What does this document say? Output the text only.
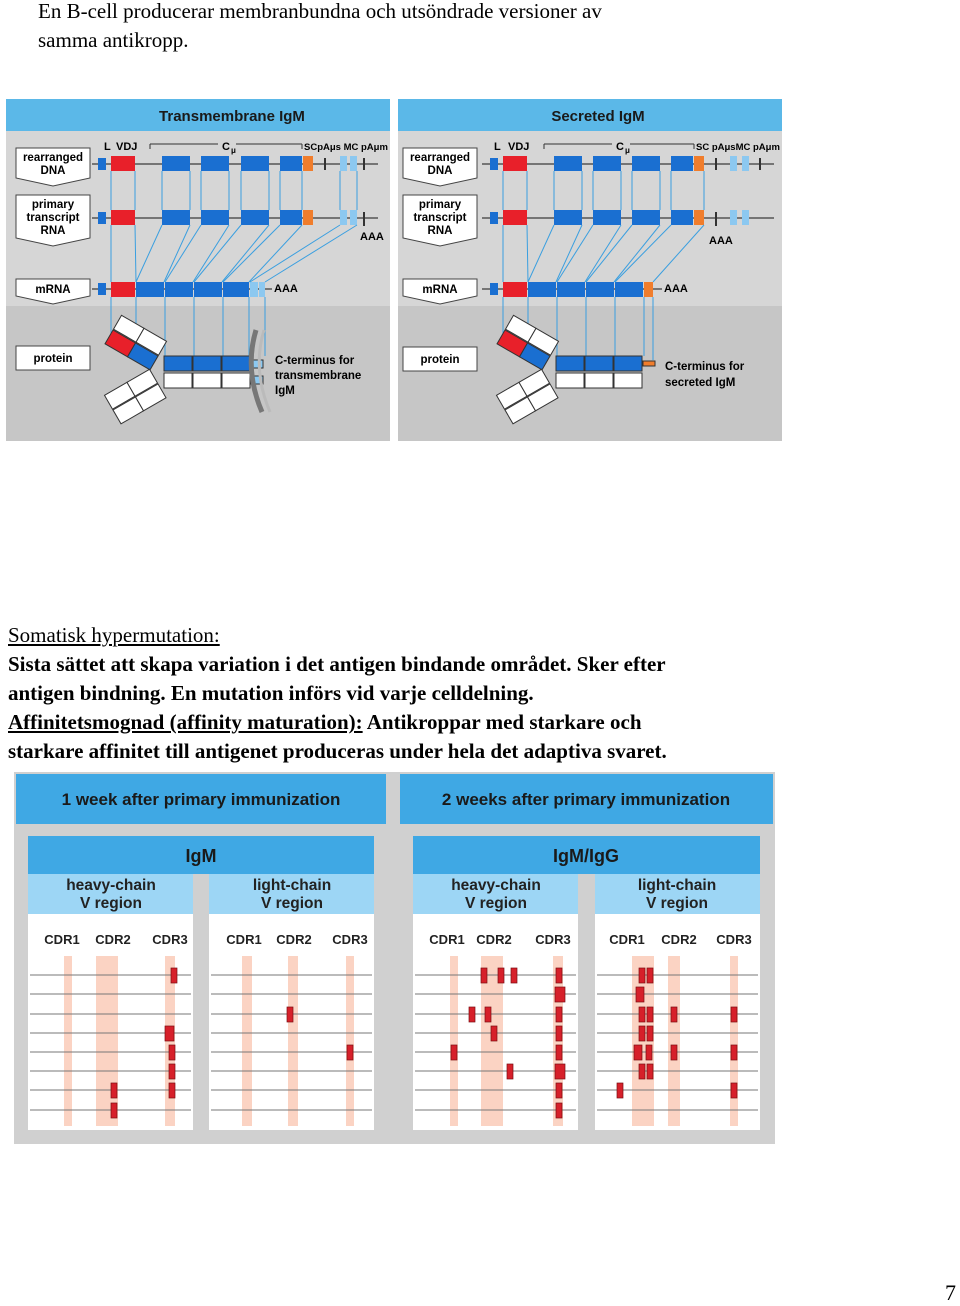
En B-cell producerar membranbundna och utsöndrade versioner av
samma antikropp.
Transmembrane IgM
rearranged
DNA
primary
transcript
RNA
mRNA
protein
L VDJ	C μ	SCpAμs MC pAμm
AAA
AAA
C-terminus for
transmembrane
IgM
Secreted IgM
rearranged
DNA
primary
transcript
RNA
mRNA
protein
L VDJ	C μ	SC pAμsMC pAμm
AAA
AAA
C-terminus for
secreted IgM
Somatisk hypermutation:
Sista sättet att skapa variation i det antigen bindande området. Sker efter
antigen bindning. En mutation införs vid varje celldelning.
Affinitetsmognad (affinity maturation): Antikroppar med starkare och
starkare affinitet till antigenet produceras under hela det adaptiva svaret.
1 week after primary immunization	2 weeks after primary immunization
IgM
heavy-chain
V region
light-chain
V region
IgM/IgG
heavy-chain
V region
light-chain
V region
CDR1 CDR2 CDR3	CDR1 CDR2 CDR3	CDR1 CDR2 CDR3	CDR1 CDR2 CDR3
7
